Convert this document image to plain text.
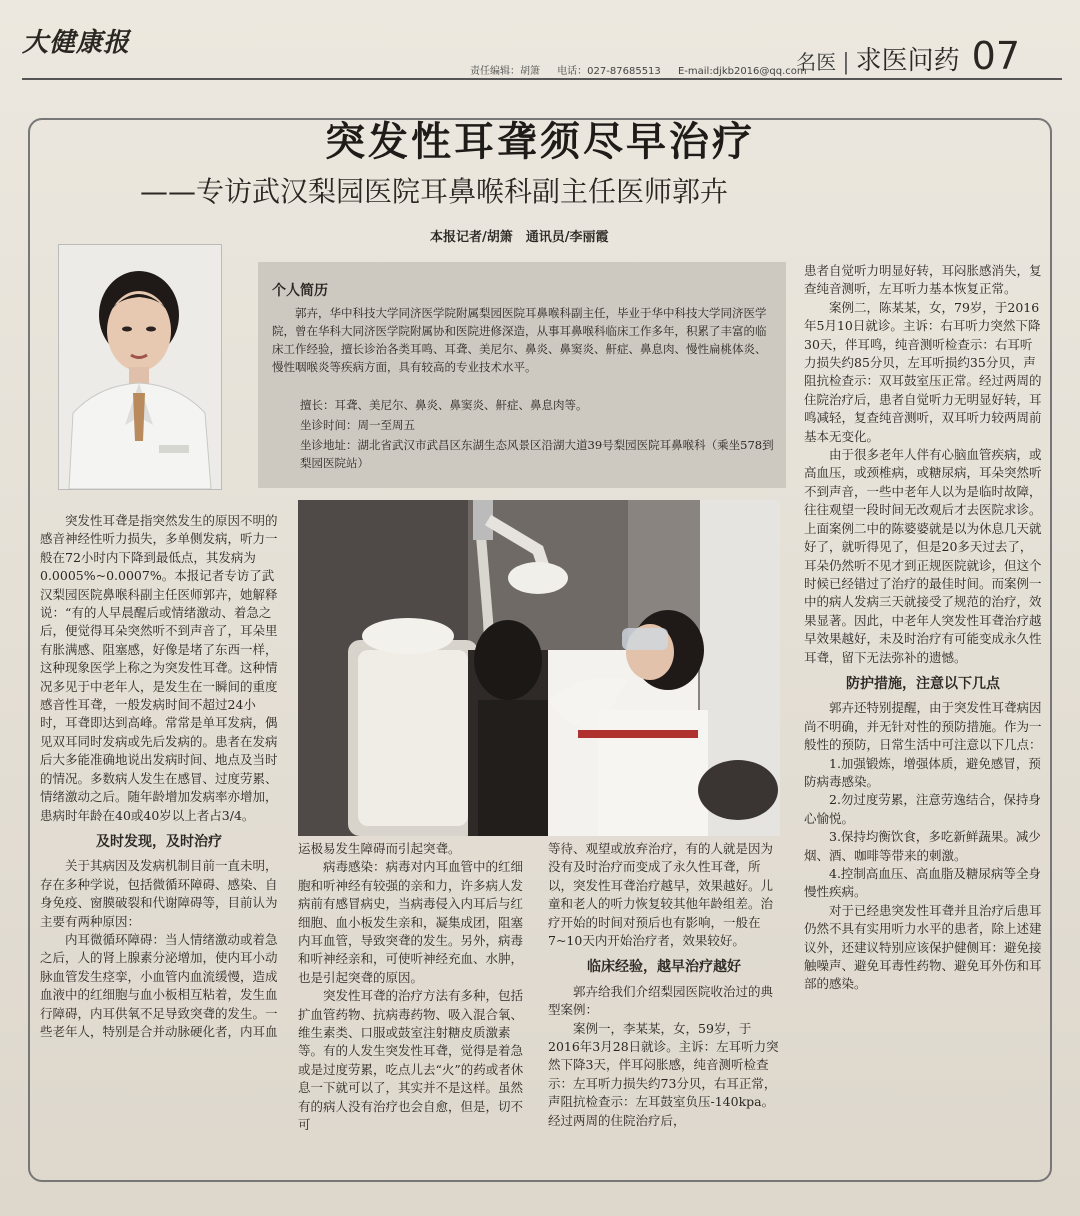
大健康报
责任编辑：胡箫 电话：027-87685513 E-mail:djkb2016@qq.com
名医 | 求医问药 07
突发性耳聋须尽早治疗
——专访武汉梨园医院耳鼻喉科副主任医师郭卉
本报记者/胡箫　通讯员/李丽霞
个人简历
郭卉，华中科技大学同济医学院附属梨园医院耳鼻喉科副主任，毕业于华中科技大学同济医学院，曾在华科大同济医学院附属协和医院进修深造，从事耳鼻喉科临床工作多年，积累了丰富的临床工作经验，擅长诊治各类耳鸣、耳聋、美尼尔、鼻炎、鼻窦炎、鼾症、鼻息肉、慢性扁桃体炎、慢性咽喉炎等疾病方面，具有较高的专业技术水平。
擅长：耳聋、美尼尔、鼻炎、鼻窦炎、鼾症、鼻息肉等。
坐诊时间：周一至周五
坐诊地址：湖北省武汉市武昌区东湖生态风景区沿湖大道39号梨园医院耳鼻喉科（乘坐578到梨园医院站）

突发性耳聋是指突然发生的原因不明的感音神经性听力损失，多单侧发病，听力一般在72小时内下降到最低点，其发病为0.0005%~0.0007%。本报记者专访了武汉梨园医院鼻喉科副主任医师郭卉，她解释说：“有的人早晨醒后或情绪激动、着急之后，便觉得耳朵突然听不到声音了，耳朵里有胀满感、阻塞感，好像是堵了东西一样，这种现象医学上称之为突发性耳聋。这种情况多见于中老年人，是发生在一瞬间的重度感音性耳聋，一般发病时间不超过24小时，耳聋即达到高峰。常常是单耳发病，偶见双耳同时发病或先后发病的。患者在发病后大多能准确地说出发病时间、地点及当时的情况。多数病人发生在感冒、过度劳累、情绪激动之后。随年龄增加发病率亦增加，患病时年龄在40或40岁以上者占3/4。

及时发现，及时治疗

关于其病因及发病机制目前一直未明，存在多种学说，包括微循环障碍、感染、自身免疫、窗膜破裂和代谢障碍等，目前认为主要有两种原因：

内耳微循环障碍：当人情绪激动或着急之后，人的肾上腺素分泌增加，使内耳小动脉血管发生痉挛，小血管内血流缓慢，造成血液中的红细胞与血小板相互粘着，发生血行障碍，内耳供氧不足导致突聋的发生。一些老年人，特别是合并动脉硬化者，内耳血

运极易发生障碍而引起突聋。

病毒感染：病毒对内耳血管中的红细胞和听神经有较强的亲和力，许多病人发病前有感冒病史，当病毒侵入内耳后与红细胞、血小板发生亲和，凝集成团，阻塞内耳血管，导致突聋的发生。另外，病毒和听神经亲和，可使听神经充血、水肿，也是引起突聋的原因。

突发性耳聋的治疗方法有多种，包括扩血管药物、抗病毒药物、吸入混合氧、维生素类、口服或鼓室注射糖皮质激素等。有的人发生突发性耳聋，觉得是着急或是过度劳累，吃点儿去“火”的药或者休息一下就可以了，其实并不是这样。虽然有的病人没有治疗也会自愈，但是，切不可

等待、观望或放弃治疗，有的人就是因为没有及时治疗而变成了永久性耳聋，所以，突发性耳聋治疗越早，效果越好。儿童和老人的听力恢复较其他年龄组差。治疗开始的时间对预后也有影响，一般在7~10天内开始治疗者，效果较好。

临床经验，越早治疗越好

郭卉给我们介绍梨园医院收治过的典型案例：

案例一，李某某，女，59岁，于2016年3月28日就诊。主诉：左耳听力突然下降3天，伴耳闷胀感，纯音测听检查示：左耳听力损失约73分贝，右耳正常，声阻抗检查示：左耳鼓室负压-140kpa。经过两周的住院治疗后，

患者自觉听力明显好转，耳闷胀感消失，复查纯音测听，左耳听力基本恢复正常。

案例二，陈某某，女，79岁，于2016年5月10日就诊。主诉：右耳听力突然下降30天，伴耳鸣，纯音测听检查示：右耳听力损失约85分贝，左耳听损约35分贝，声阻抗检查示：双耳鼓室压正常。经过两周的住院治疗后，患者自觉听力无明显好转，耳鸣减轻，复查纯音测听，双耳听力较两周前基本无变化。

由于很多老年人伴有心脑血管疾病，或高血压，或颈椎病，或糖尿病，耳朵突然听不到声音，一些中老年人以为是临时故障，往往观望一段时间无改观后才去医院求诊。上面案例二中的陈婆婆就是以为休息几天就好了，就听得见了，但是20多天过去了，耳朵仍然听不见才到正规医院就诊，但这个时候已经错过了治疗的最佳时间。而案例一中的病人发病三天就接受了规范的治疗，效果显著。因此，中老年人突发性耳聋治疗越早效果越好，未及时治疗有可能变成永久性耳聋，留下无法弥补的遗憾。

防护措施，注意以下几点

郭卉还特别提醒，由于突发性耳聋病因尚不明确，并无针对性的预防措施。作为一般性的预防，日常生活中可注意以下几点：

1.加强锻炼，增强体质，避免感冒，预防病毒感染。

2.勿过度劳累，注意劳逸结合，保持身心愉悦。

3.保持均衡饮食，多吃新鲜蔬果。减少烟、酒、咖啡等带来的刺激。

4.控制高血压、高血脂及糖尿病等全身慢性疾病。

对于已经患突发性耳聋并且治疗后患耳仍然不具有实用听力水平的患者，除上述建议外，还建议特别应该保护健侧耳：避免接触噪声、避免耳毒性药物、避免耳外伤和耳部的感染。
